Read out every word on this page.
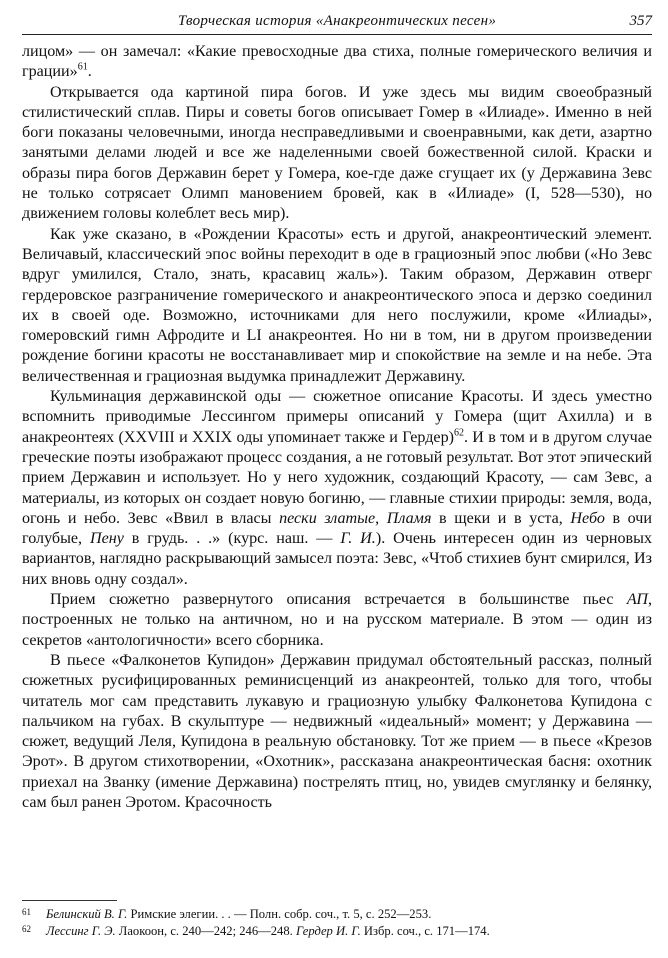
Творческая история «Анакреонтических песен»	357

лицом» — он замечал: «Какие превосходные два стиха, полные гомерического величия и грации»$^{61}$.

Открывается ода картиной пира богов. И уже здесь мы видим своеобразный стилистический сплав. Пиры и советы богов описывает Гомер в «Илиаде». Именно в ней боги показаны человечными, иногда несправедливыми и своенравными, как дети, азартно занятыми делами людей и все же наделенными своей божественной силой. Краски и образы пира богов Державин берет у Гомера, кое-где даже сгущает их (у Державина Зевс не только сотрясает Олимп мановением бровей, как в «Илиаде» (I, 528—530), но движением головы колеблет весь мир).

Как уже сказано, в «Рождении Красоты» есть и другой, анакреонтический элемент. Величавый, классический эпос войны переходит в оде в грациозный эпос любви («Но Зевс вдруг умилился, Стало, знать, красавиц жаль»). Таким образом, Державин отверг гердеровское разграничение гомерического и анакреонтического эпоса и дерзко соединил их в своей оде. Возможно, источниками для него послужили, кроме «Илиады», гомеровский гимн Афродите и LI анакреонтея. Но ни в том, ни в другом произведении рождение богини красоты не восстанавливает мир и спокойствие на земле и на небе. Эта величественная и грациозная выдумка принадлежит Державину.

Кульминация державинской оды — сюжетное описание Красоты. И здесь уместно вспомнить приводимые Лессингом примеры описаний у Гомера (щит Ахилла) и в анакреонтеях (XXVIII и XXIX оды упоминает также и Гердер)$^{62}$. И в том и в другом случае греческие поэты изображают процесс создания, а не готовый результат. Вот этот эпический прием Державин и использует. Но у него художник, создающий Красоту, — сам Зевс, а материалы, из которых он создает новую богиню, — главные стихии природы: земля, вода, огонь и небо. Зевс «Ввил в власы пески златые, Пламя в щеки и в уста, Небо в очи голубые, Пену в грудь. . .» (курс. наш. — Г. И.). Очень интересен один из черновых вариантов, наглядно раскрывающий замысел поэта: Зевс, «Чтоб стихиев бунт смирился, Из них вновь одну создал».

Прием сюжетно развернутого описания встречается в большинстве пьес АП, построенных не только на античном, но и на русском материале. В этом — один из секретов «антологичности» всего сборника.

В пьесе «Фалконетов Купидон» Державин придумал обстоятельный рассказ, полный сюжетных русифицированных реминисценций из анакреонтей, только для того, чтобы читатель мог сам представить лукавую и грациозную улыбку Фалконетова Купидона с пальчиком на губах. В скульптуре — недвижный «идеальный» момент; у Державина — сюжет, ведущий Леля, Купидона в реальную обстановку. Тот же прием — в пьесе «Крезов Эрот». В другом стихотворении, «Охотник», рассказана анакреонтическая басня: охотник приехал на Званку (имение Державина) пострелять птиц, но, увидев смуглянку и белянку, сам был ранен Эротом. Красочность

61 Белинский В. Г. Римские элегии. . . — Полн. собр. соч., т. 5, с. 252—253.
62 Лессинг Г. Э. Лаокоон, с. 240—242; 246—248. Гердер И. Г. Избр. соч., с. 171—174.
